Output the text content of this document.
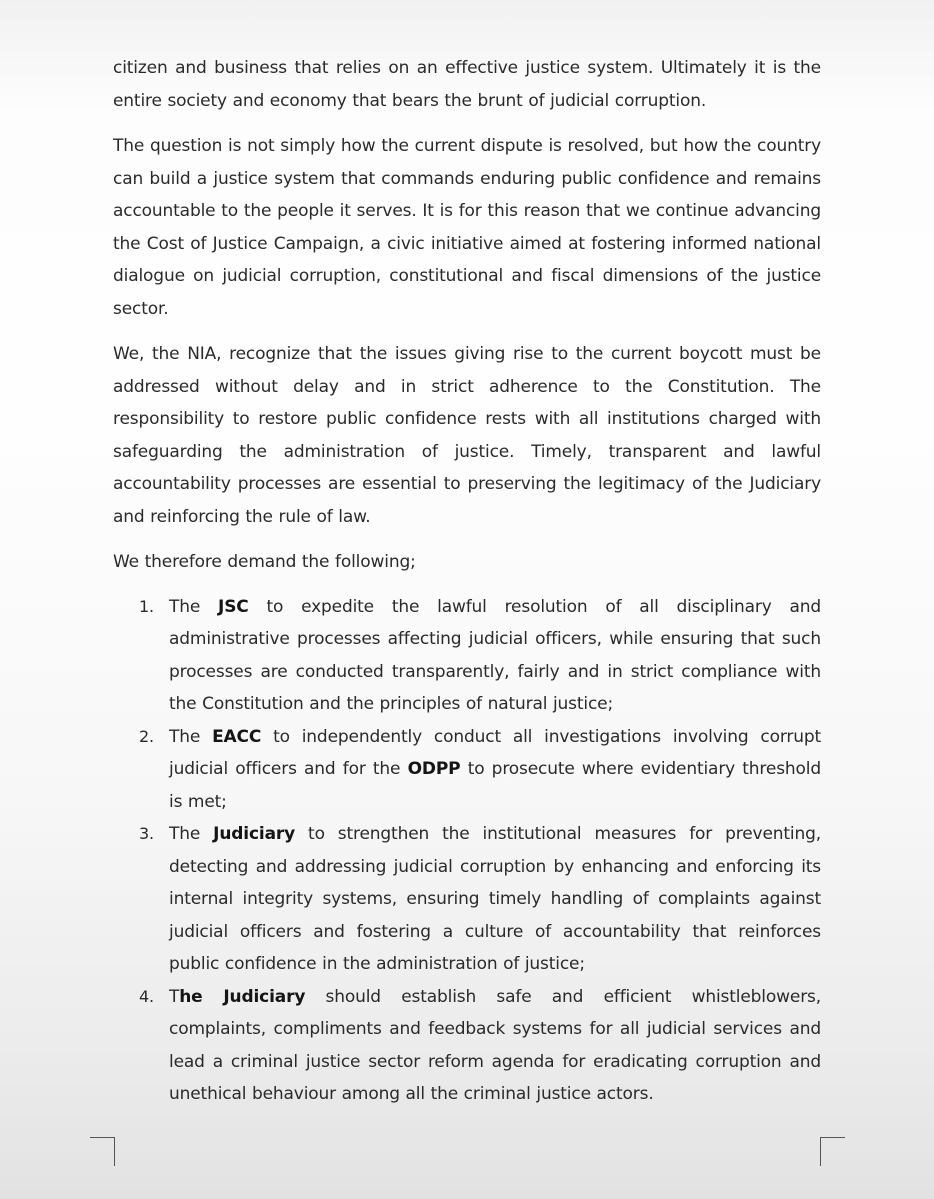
citizen and business that relies on an effective justice system. Ultimately it is the entire society and economy that bears the brunt of judicial corruption.

The question is not simply how the current dispute is resolved, but how the country can build a justice system that commands enduring public confidence and remains accountable to the people it serves. It is for this reason that we continue advancing the Cost of Justice Campaign, a civic initiative aimed at fostering informed national dialogue on judicial corruption, constitutional and fiscal dimensions of the justice sector.

We, the NIA, recognize that the issues giving rise to the current boycott must be addressed without delay and in strict adherence to the Constitution. The responsibility to restore public confidence rests with all institutions charged with safeguarding the administration of justice. Timely, transparent and lawful accountability processes are essential to preserving the legitimacy of the Judiciary and reinforcing the rule of law.

We therefore demand the following;

1. The JSC to expedite the lawful resolution of all disciplinary and administrative processes affecting judicial officers, while ensuring that such processes are conducted transparently, fairly and in strict compliance with the Constitution and the principles of natural justice;
2. The EACC to independently conduct all investigations involving corrupt judicial officers and for the ODPP to prosecute where evidentiary threshold is met;
3. The Judiciary to strengthen the institutional measures for preventing, detecting and addressing judicial corruption by enhancing and enforcing its internal integrity systems, ensuring timely handling of complaints against judicial officers and fostering a culture of accountability that reinforces public confidence in the administration of justice;
4. The Judiciary should establish safe and efficient whistleblowers, complaints, compliments and feedback systems for all judicial services and lead a criminal justice sector reform agenda for eradicating corruption and unethical behaviour among all the criminal justice actors.
